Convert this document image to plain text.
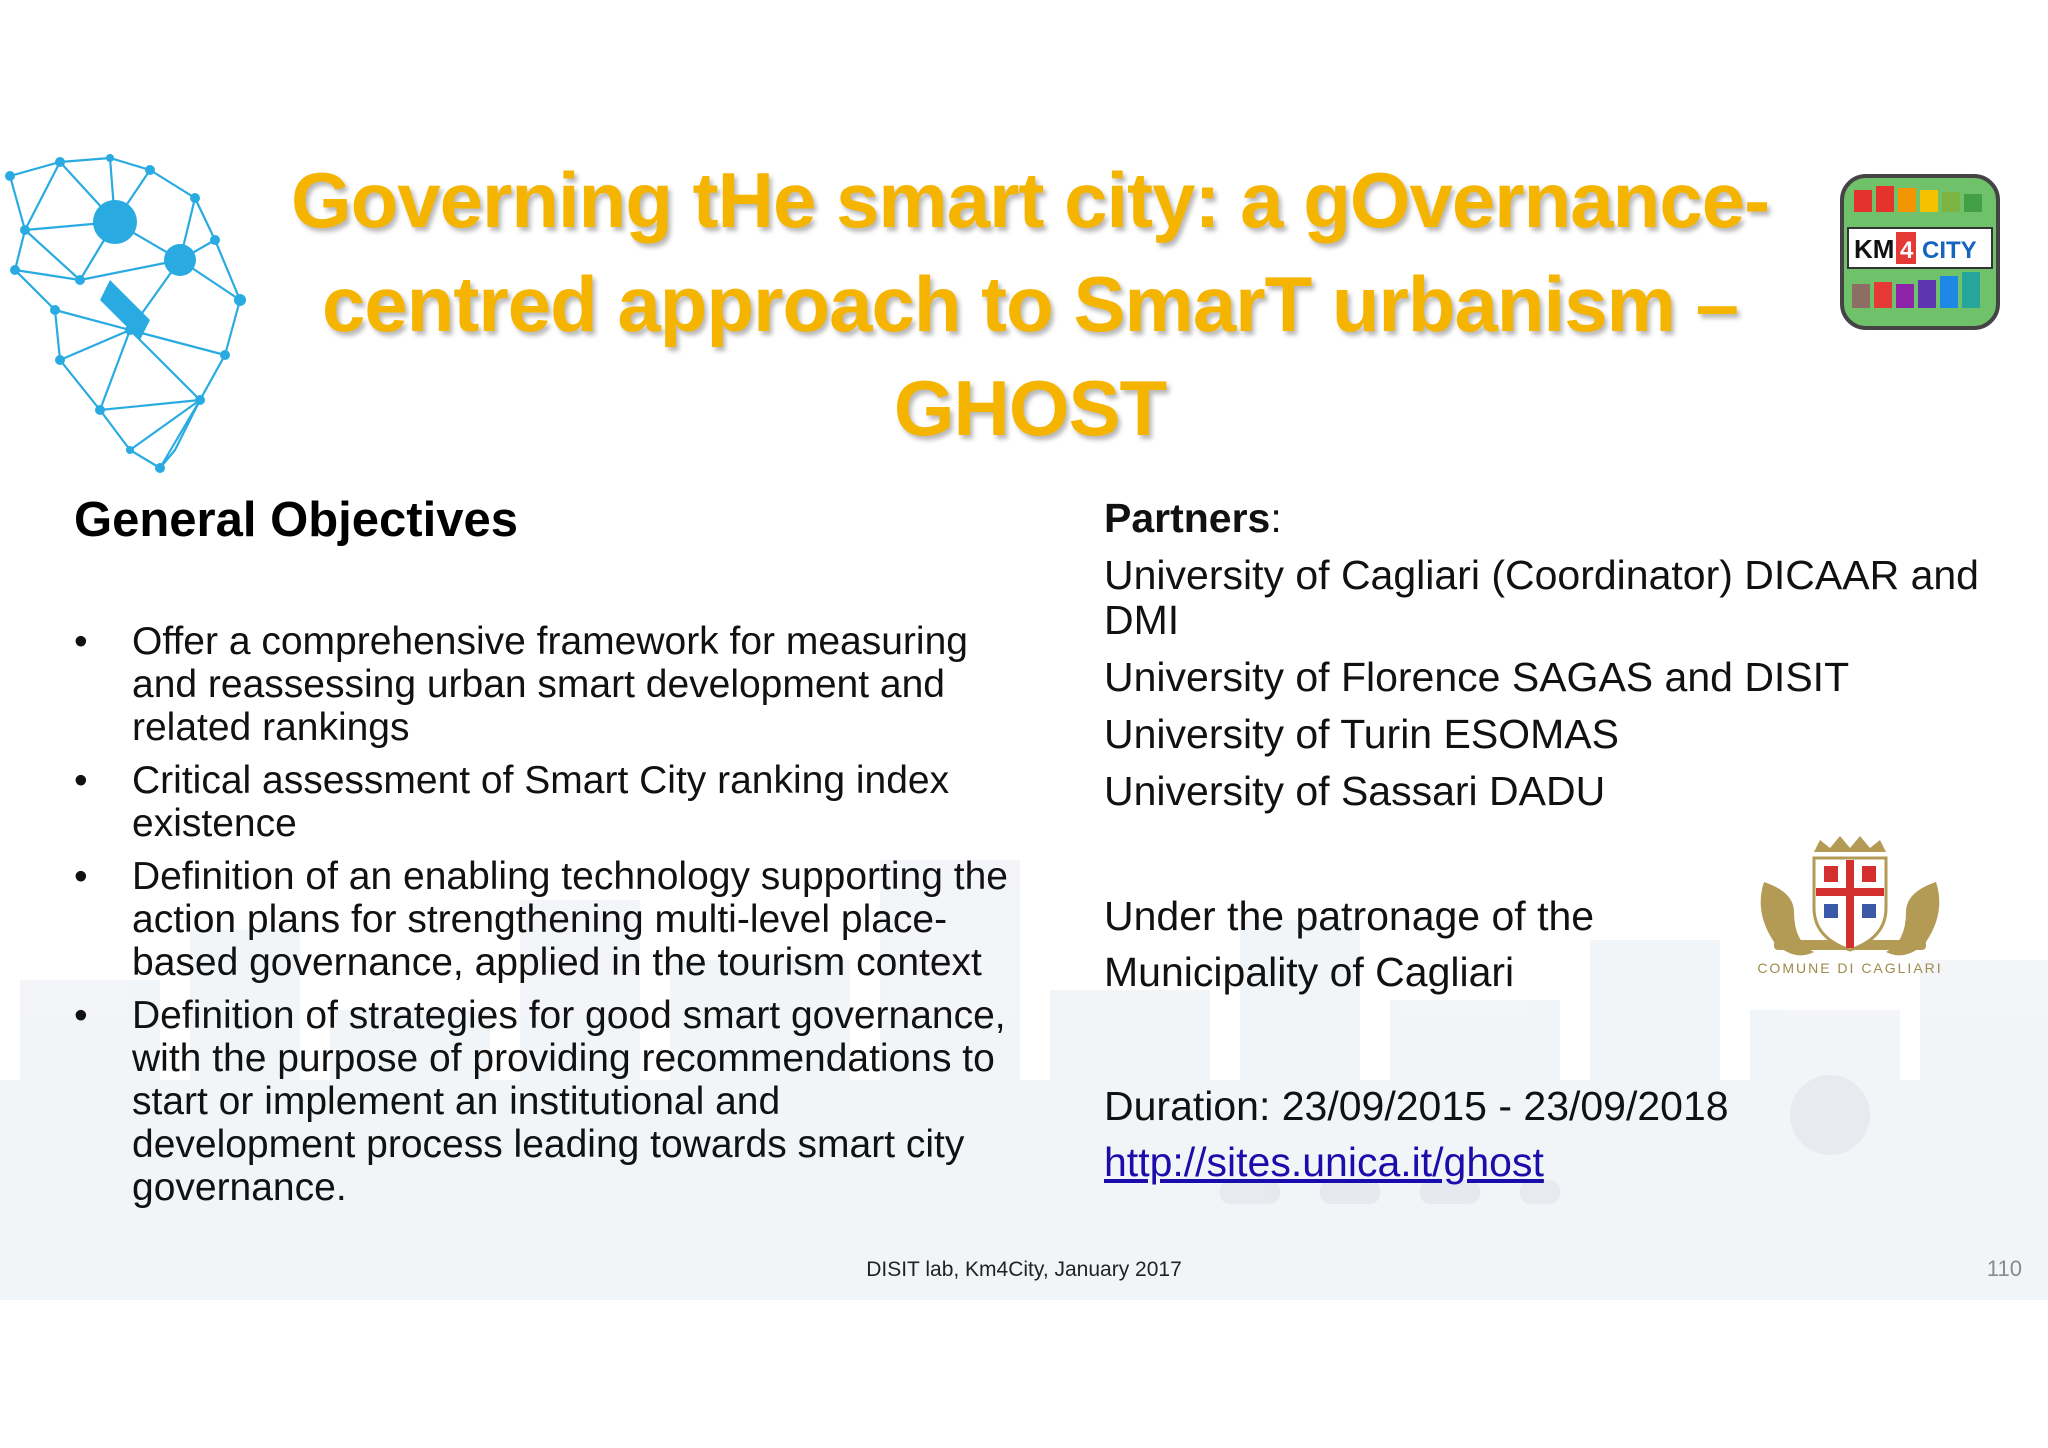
Governing tHe smart city: a gOvernance-
centred approach to SmarT urbanism –
GHOST
KM 4 CITY
General Objectives
• Offer a comprehensive framework for measuring and reassessing urban smart development and related rankings
• Critical assessment of Smart City ranking index existence
• Definition of an enabling technology supporting the action plans for strengthening multi-level place-based governance, applied in the tourism context
• Definition of strategies for good smart governance, with the purpose of providing recommendations to start or implement an institutional and development process leading towards smart city governance.
Partners:
University of Cagliari (Coordinator) DICAAR and DMI
University of Florence SAGAS and DISIT
University of Turin ESOMAS
University of Sassari DADU
Under the patronage of the
Municipality of Cagliari
Duration: 23/09/2015 - 23/09/2018
http://sites.unica.it/ghost
COMUNE DI CAGLIARI
DISIT lab, Km4City, January 2017	110
